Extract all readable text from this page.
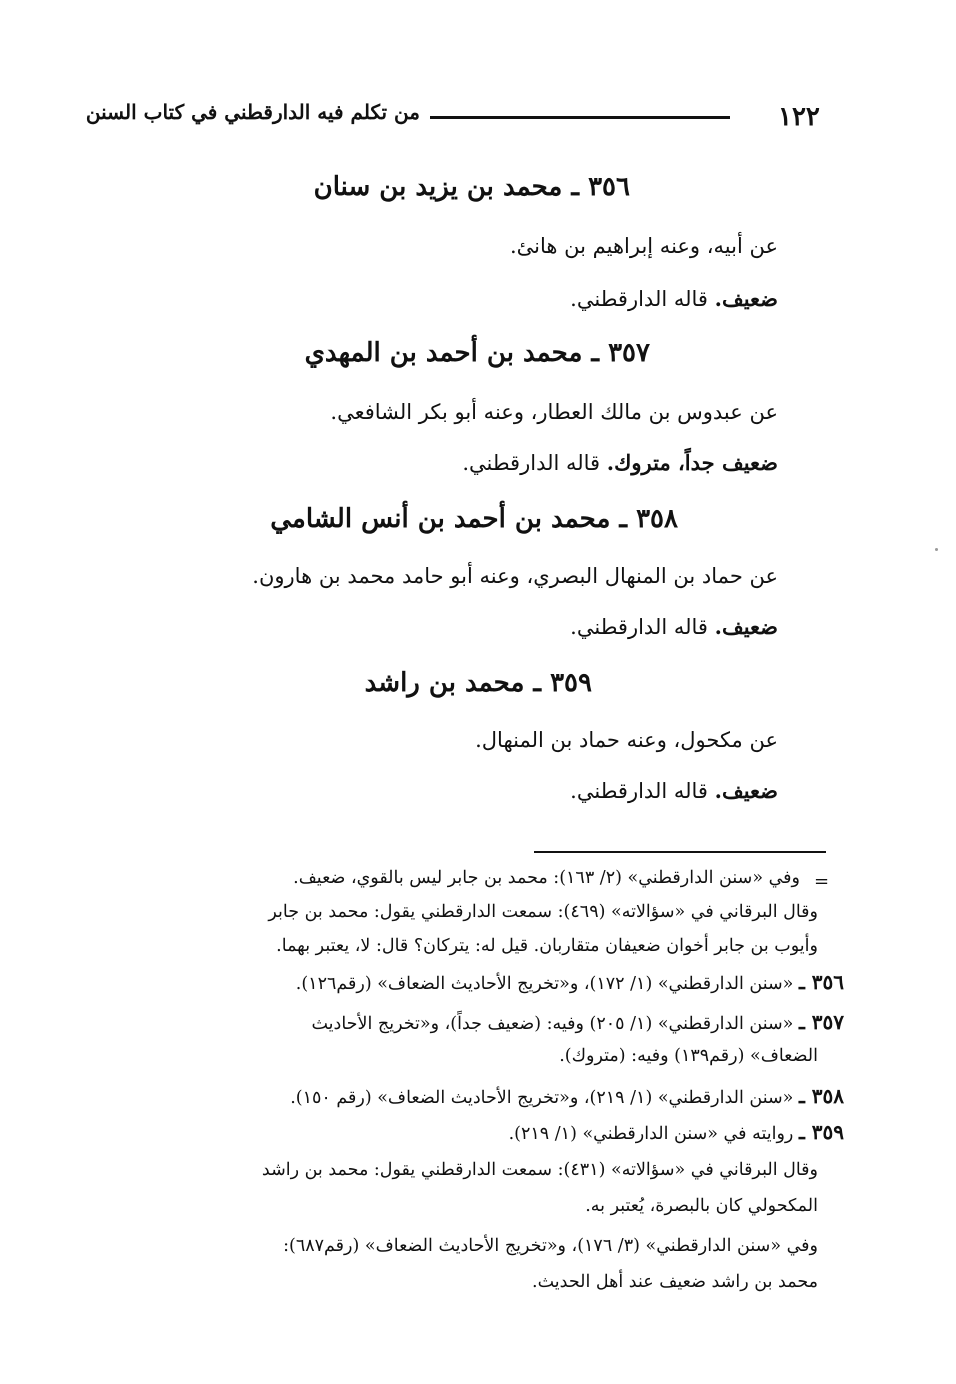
١٢٢
من تكلم فيه الدارقطني في كتاب السنن
٣٥٦ ـ محمد بن يزيد بن سنان
عن أبيه، وعنه إبراهيم بن هانئ.
ضعيف. قاله الدارقطني.
٣٥٧ ـ محمد بن أحمد بن المهدي
عن عبدوس بن مالك العطار، وعنه أبو بكر الشافعي.
ضعيف جداً، متروك. قاله الدارقطني.
٣٥٨ ـ محمد بن أحمد بن أنس الشامي
عن حماد بن المنهال البصري، وعنه أبو حامد محمد بن هارون.
ضعيف. قاله الدارقطني.
٣٥٩ ـ محمد بن راشد
عن مكحول، وعنه حماد بن المنهال.
ضعيف. قاله الدارقطني.
=
وفي «سنن الدارقطني» (٢/ ١٦٣): محمد بن جابر ليس بالقوي، ضعيف.
وقال البرقاني في «سؤالاته» (٤٦٩): سمعت الدارقطني يقول: محمد بن جابر
وأيوب بن جابر أخوان ضعيفان متقاربان. قيل له: يتركان؟ قال: لا، يعتبر بهما.
٣٥٦ ـ «سنن الدارقطني» (١/ ١٧٢)، و«تخريج الأحاديث الضعاف» (رقم١٢٦).
٣٥٧ ـ «سنن الدارقطني» (١/ ٢٠٥) وفيه: (ضعيف جداً)، و«تخريج الأحاديث
الضعاف» (رقم١٣٩) وفيه: (متروك).
٣٥٨ ـ «سنن الدارقطني» (١/ ٢١٩)، و«تخريج الأحاديث الضعاف» (رقم ١٥٠).
٣٥٩ ـ روايته في «سنن الدارقطني» (١/ ٢١٩).
وقال البرقاني في «سؤالاته» (٤٣١): سمعت الدارقطني يقول: محمد بن راشد
المكحولي كان بالبصرة، يُعتبر به.
وفي «سنن الدارقطني» (٣/ ١٧٦)، و«تخريج الأحاديث الضعاف» (رقم٦٨٧):
محمد بن راشد ضعيف عند أهل الحديث.
